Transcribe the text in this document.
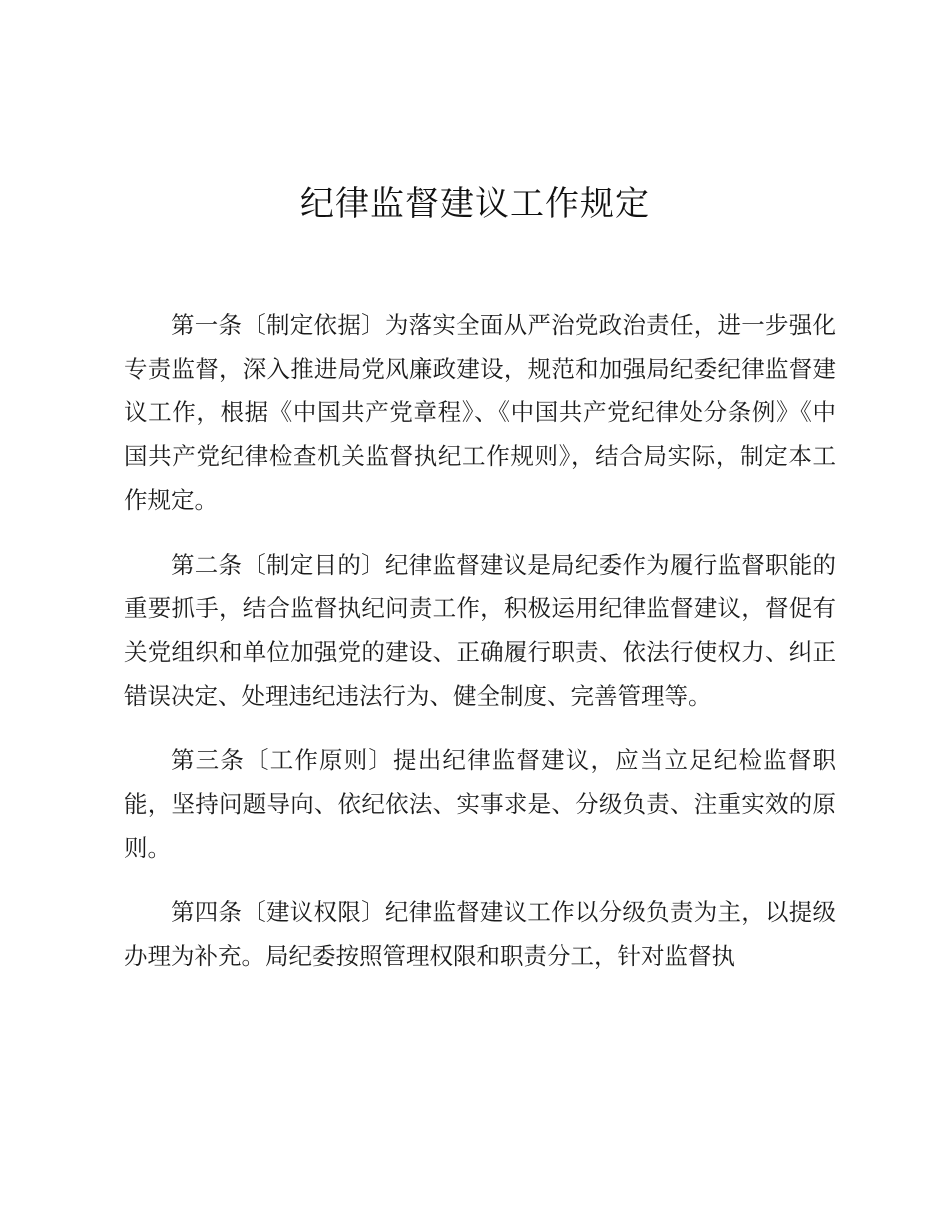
纪律监督建议工作规定

第一条〔制定依据〕为落实全面从严治党政治责任，进一步强化专责监督，深入推进局党风廉政建设，规范和加强局纪委纪律监督建议工作，根据《中国共产党章程》、《中国共产党纪律处分条例》《中国共产党纪律检查机关监督执纪工作规则》，结合局实际，制定本工作规定。

第二条〔制定目的〕纪律监督建议是局纪委作为履行监督职能的重要抓手，结合监督执纪问责工作，积极运用纪律监督建议，督促有关党组织和单位加强党的建设、正确履行职责、依法行使权力、纠正错误决定、处理违纪违法行为、健全制度、完善管理等。

第三条〔工作原则〕提出纪律监督建议，应当立足纪检监督职能，坚持问题导向、依纪依法、实事求是、分级负责、注重实效的原则。

第四条〔建议权限〕纪律监督建议工作以分级负责为主，以提级办理为补充。局纪委按照管理权限和职责分工，针对监督执
